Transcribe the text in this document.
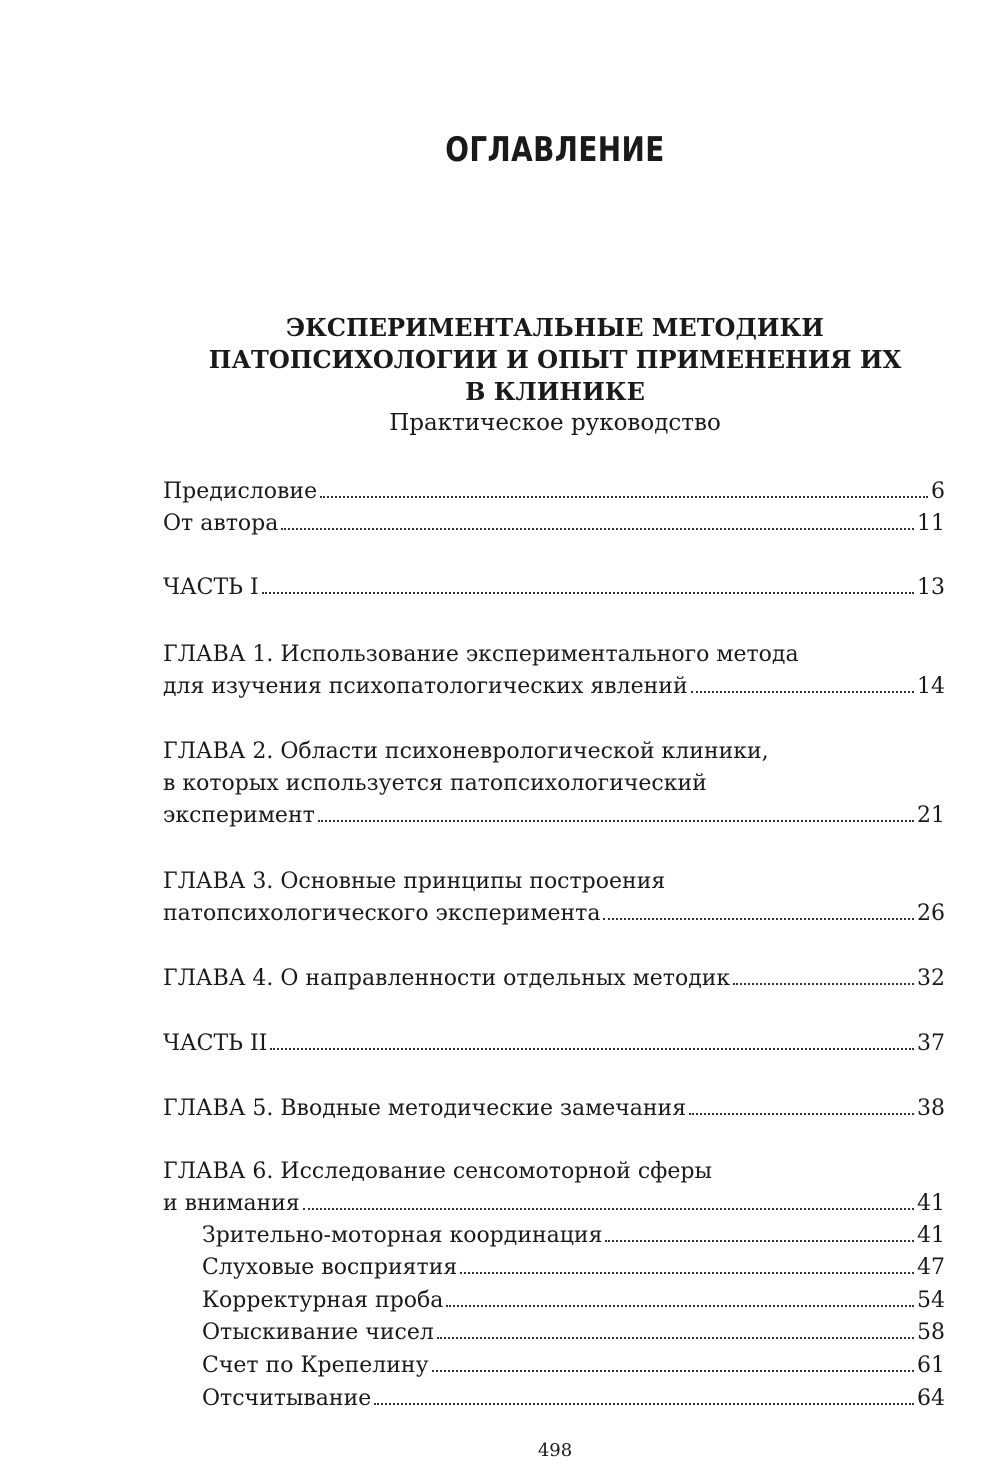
ОГЛАВЛЕНИЕ
ЭКСПЕРИМЕНТАЛЬНЫЕ МЕТОДИКИ
ПАТОПСИХОЛОГИИ И ОПЫТ ПРИМЕНЕНИЯ ИХ
В КЛИНИКЕ
Практическое руководство
Предисловие	6
От автора	11
ЧАСТЬ I	13
ГЛАВА 1. Использование экспериментального метода
для изучения психопатологических явлений	14
ГЛАВА 2. Области психоневрологической клиники,
в которых используется патопсихологический
эксперимент	21
ГЛАВА 3. Основные принципы построения
патопсихологического эксперимента	26
ГЛАВА 4. О направленности отдельных методик	32
ЧАСТЬ II	37
ГЛАВА 5. Вводные методические замечания	38
ГЛАВА 6. Исследование сенсомоторной сферы
и внимания	41
Зрительно-моторная координация	41
Слуховые восприятия	47
Корректурная проба	54
Отыскивание чисел	58
Счет по Крепелину	61
Отсчитывание	64
498
